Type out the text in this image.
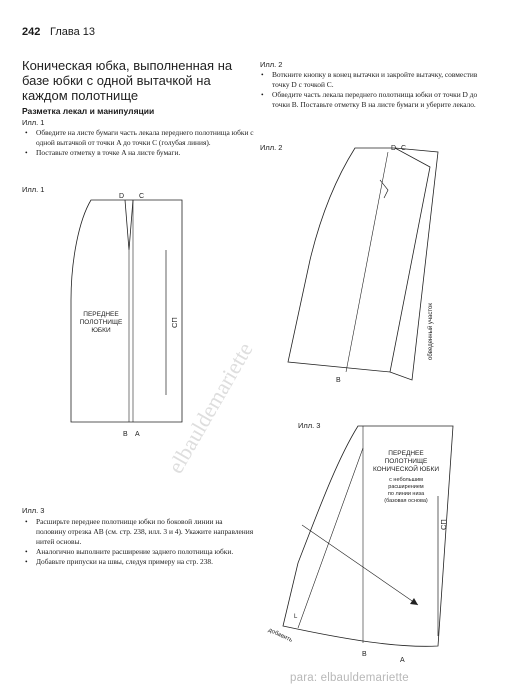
242 Глава 13
Коническая юбка, выполненная на базе юбки с одной вытачкой на каждом полотнище
Разметка лекал и манипуляции
Илл. 1
• Обведите на листе бумаги часть лекала переднего полотнища юбки с одной вытачкой от точки A до точки C (голубая линия).
• Поставьте отметку в точке A на листе бумаги.
Илл. 1
Илл. 3
• Расширьте переднее полотнище юбки по боковой линии на половину отрезка AB (см. стр. 238, илл. 3 и 4). Укажите направления нитей основы.
• Аналогично выполните расширение заднего полотнища юбки.
• Добавьте припуски на швы, следуя примеру на стр. 238.
Илл. 2
• Воткните кнопку в конец вытачки и закройте вытачку, совместив точку D с точкой C.
• Обведите часть лекала переднего полотнища юбки от точки D до точки B. Поставьте отметку B на листе бумаги и уберите лекало.
Илл. 2
Илл. 3
D C
B A
ПЕРЕДНЕЕ
ПОЛОТНИЩЕ
ЮБКИ
СП
D C
B
обведенный участок
ПЕРЕДНЕЕ
ПОЛОТНИЩЕ
КОНИЧЕСКОЙ ЮБКИ
с небольшим
расширением
по линии низа
(базовая основа)
СП
L
B
A
добавить
elbauldemariette
para: elbauldemariette
